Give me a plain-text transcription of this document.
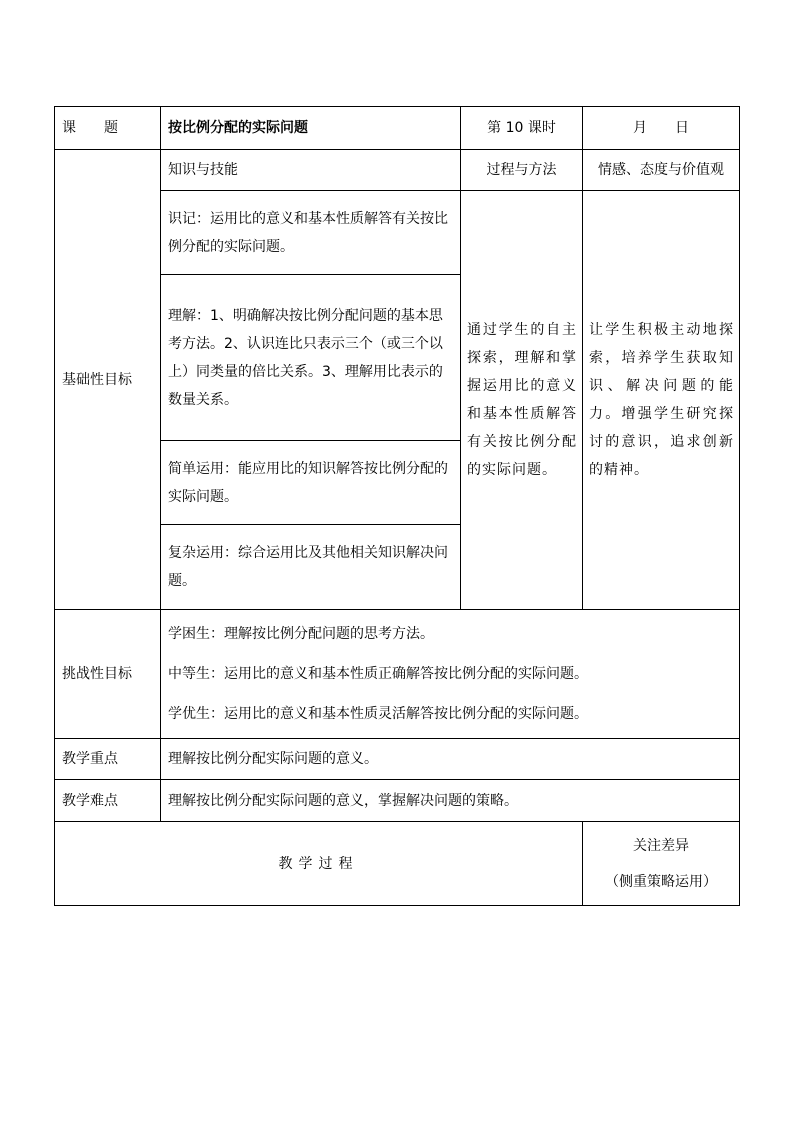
课　　题	按比例分配的实际问题	第 10 课时	月　　日
基础性目标	知识与技能	过程与方法	情感、态度与价值观
	识记：运用比的意义和基本性质解答有关按比例分配的实际问题。	通过学生的自主探索，理解和掌握运用比的意义和基本性质解答有关按比例分配的实际问题。	让学生积极主动地探索，培养学生获取知识、解决问题的能力。增强学生研究探讨的意识，追求创新的精神。
	理解：1、明确解决按比例分配问题的基本思考方法。2、认识连比只表示三个（或三个以上）同类量的倍比关系。3、理解用比表示的数量关系。		
	简单运用：能应用比的知识解答按比例分配的实际问题。		
	复杂运用：综合运用比及其他相关知识解决问题。		
挑战性目标	学困生：理解按比例分配问题的思考方法。
中等生：运用比的意义和基本性质正确解答按比例分配的实际问题。
学优生：运用比的意义和基本性质灵活解答按比例分配的实际问题。		

教学重点	理解按比例分配实际问题的意义。		
教学难点	理解按比例分配实际问题的意义，掌握解决问题的策略。		
教学过程			关注差异
（侧重策略运用）
